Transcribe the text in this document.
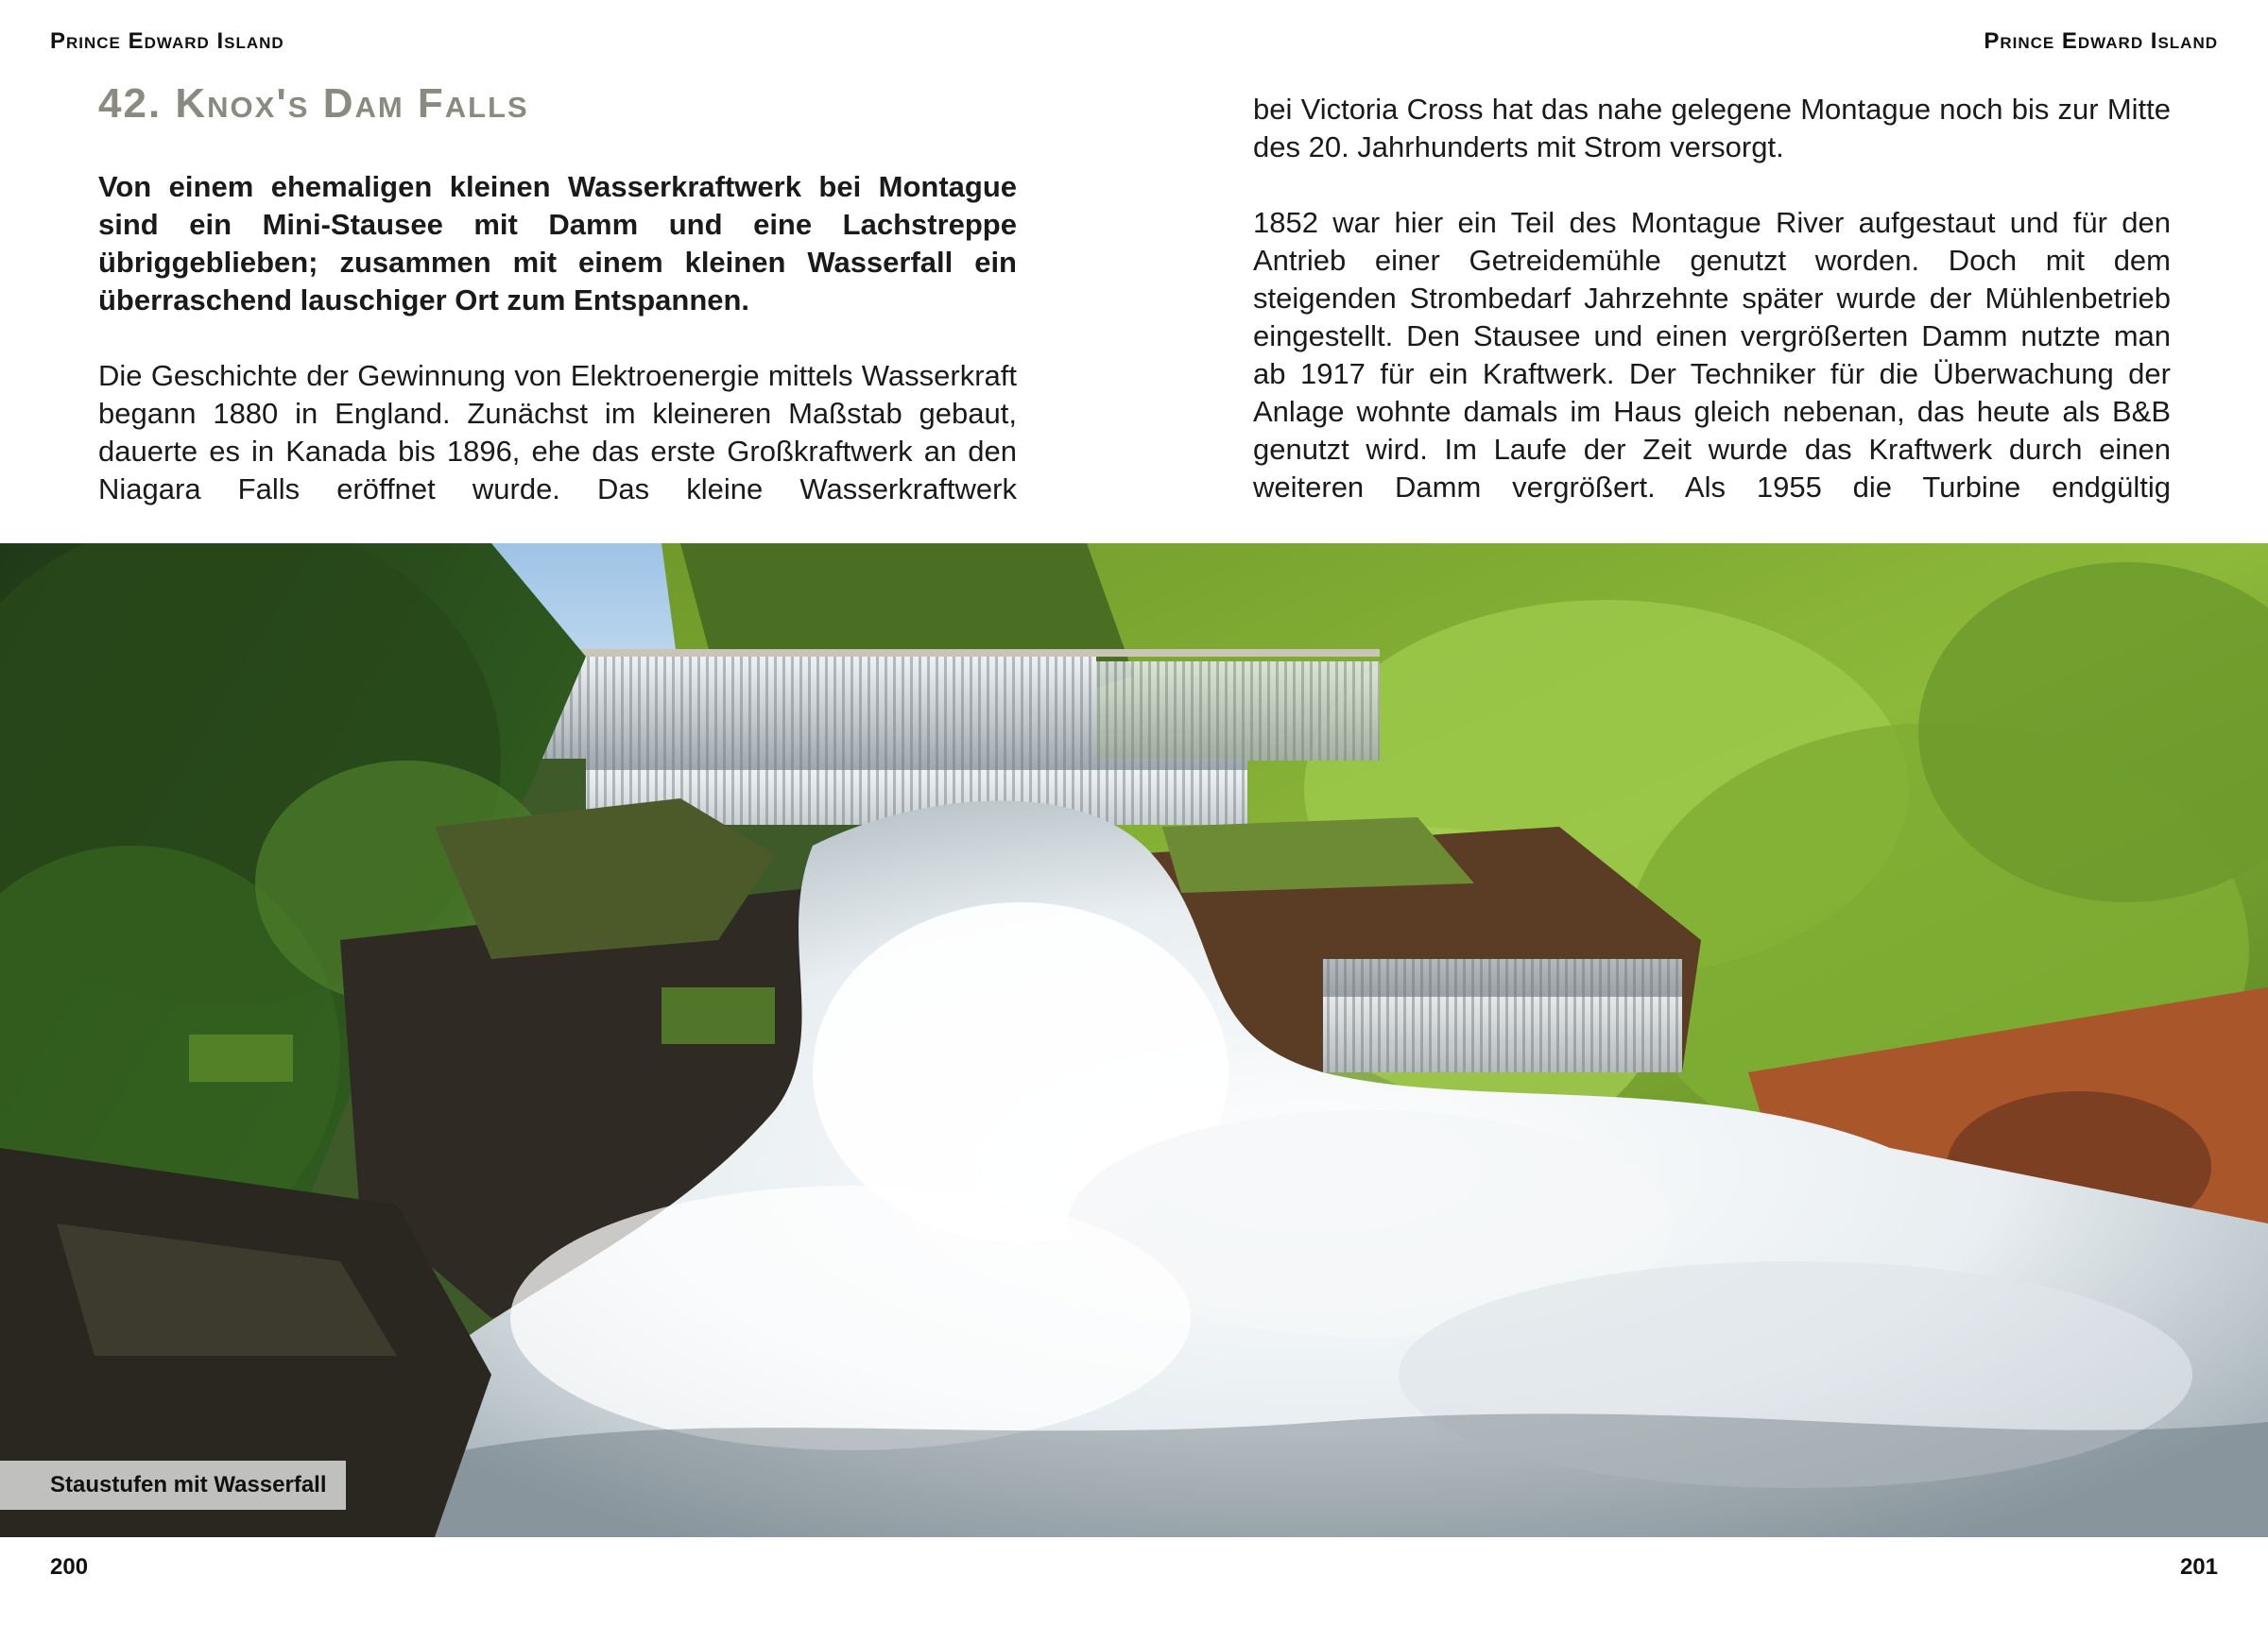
Prince Edward Island	Prince Edward Island
42. Knox's Dam Falls

Von einem ehemaligen kleinen Wasserkraftwerk bei Montague sind ein Mini-Stausee mit Damm und eine Lachstreppe übriggeblieben; zusammen mit einem kleinen Wasserfall ein überraschend lauschiger Ort zum Entspannen.

Die Geschichte der Gewinnung von Elektroenergie mittels Wasserkraft begann 1880 in England. Zunächst im kleineren Maßstab gebaut, dauerte es in Kanada bis 1896, ehe das erste Großkraftwerk an den Niagara Falls eröffnet wurde. Das kleine Wasserkraftwerk

bei Victoria Cross hat das nahe gelegene Montague noch bis zur Mitte des 20. Jahrhunderts mit Strom versorgt.

1852 war hier ein Teil des Montague River aufgestaut und für den Antrieb einer Getreidemühle genutzt worden. Doch mit dem steigenden Strombedarf Jahrzehnte später wurde der Mühlenbetrieb eingestellt. Den Stausee und einen vergrößerten Damm nutzte man ab 1917 für ein Kraftwerk. Der Techniker für die Überwachung der Anlage wohnte damals im Haus gleich nebenan, das heute als B&B genutzt wird. Im Laufe der Zeit wurde das Kraftwerk durch einen weiteren Damm vergrößert. Als 1955 die Turbine endgültig

Staustufen mit Wasserfall
200	201
